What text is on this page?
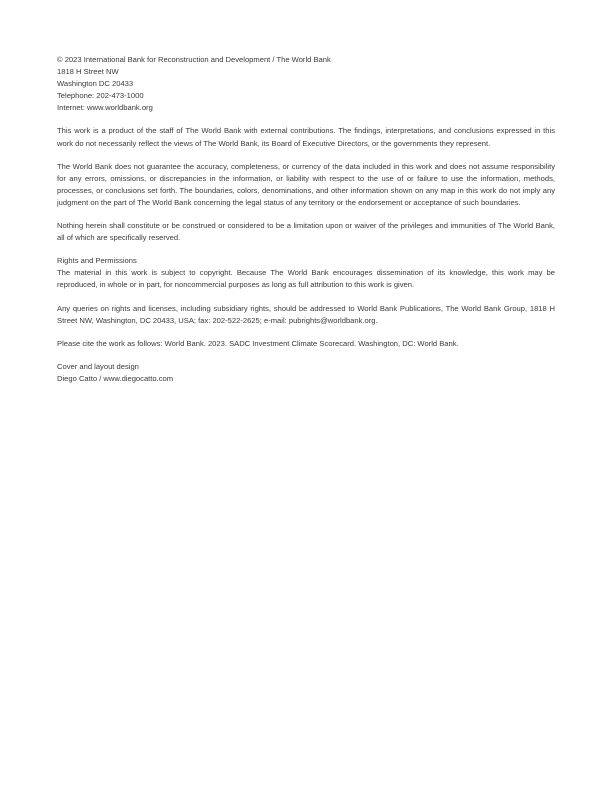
© 2023 International Bank for Reconstruction and Development / The World Bank
1818 H Street NW
Washington DC 20433
Telephone: 202-473-1000
Internet: www.worldbank.org
This work is a product of the staff of The World Bank with external contributions. The findings, interpretations, and conclusions expressed in this work do not necessarily reflect the views of The World Bank, its Board of Executive Directors, or the governments they represent.
The World Bank does not guarantee the accuracy, completeness, or currency of the data included in this work and does not assume responsibility for any errors, omissions, or discrepancies in the information, or liability with respect to the use of or failure to use the information, methods, processes, or conclusions set forth. The boundaries, colors, denominations, and other information shown on any map in this work do not imply any judgment on the part of The World Bank concerning the legal status of any territory or the endorsement or acceptance of such boundaries.
Nothing herein shall constitute or be construed or considered to be a limitation upon or waiver of the privileges and immunities of The World Bank, all of which are specifically reserved.
Rights and Permissions
The material in this work is subject to copyright. Because The World Bank encourages dissemination of its knowledge, this work may be reproduced, in whole or in part, for noncommercial purposes as long as full attribution to this work is given.
Any queries on rights and licenses, including subsidiary rights, should be addressed to World Bank Publications, The World Bank Group, 1818 H Street NW, Washington, DC 20433, USA; fax: 202-522-2625; e-mail: pubrights@worldbank.org.
Please cite the work as follows: World Bank. 2023. SADC Investment Climate Scorecard. Washington, DC: World Bank.
Cover and layout design
Diego Catto / www.diegocatto.com
